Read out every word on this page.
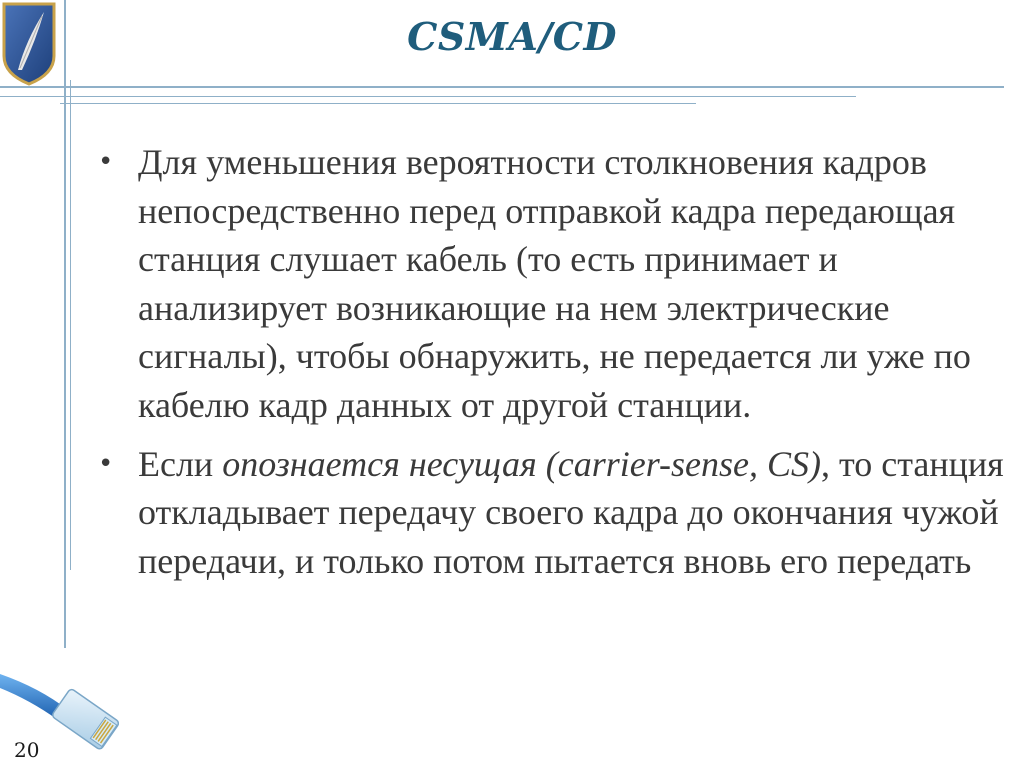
CSMA/CD
• Для уменьшения вероятности столкновения кадров непосредственно перед отправкой кадра передающая станция слушает кабель (то есть принимает и анализирует возникающие на нем электрические сигналы), чтобы обнаружить, не передается ли уже по кабелю кадр данных от другой станции.

• Если опознается несущая (carrier-sense, CS), то станция откладывает передачу своего кадра до окончания чужой передачи, и только потом пытается вновь его передать

20
